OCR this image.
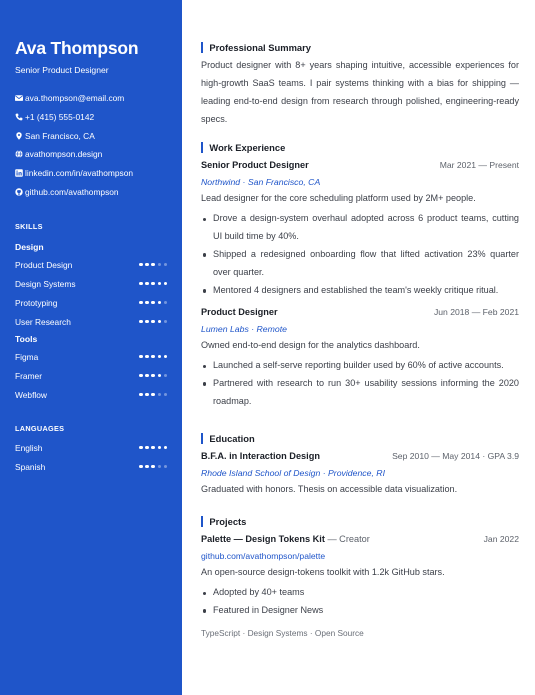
Ava Thompson
Senior Product Designer
ava.thompson@email.com
+1 (415) 555-0142
San Francisco, CA
avathompson.design
linkedin.com/in/avathompson
github.com/avathompson
SKILLS
Design
Product Design
Design Systems
Prototyping
User Research
Tools
Figma
Framer
Webflow
LANGUAGES
English
Spanish
Professional Summary
Product designer with 8+ years shaping intuitive, accessible experiences for high-growth SaaS teams. I pair systems thinking with a bias for shipping — leading end-to-end design from research through polished, engineering-ready specs.
Work Experience
Senior Product Designer	Mar 2021 — Present
Northwind · San Francisco, CA
Lead designer for the core scheduling platform used by 2M+ people.
Drove a design-system overhaul adopted across 6 product teams, cutting UI build time by 40%.
Shipped a redesigned onboarding flow that lifted activation 23% quarter over quarter.
Mentored 4 designers and established the team's weekly critique ritual.
Product Designer	Jun 2018 — Feb 2021
Lumen Labs · Remote
Owned end-to-end design for the analytics dashboard.
Launched a self-serve reporting builder used by 60% of active accounts.
Partnered with research to run 30+ usability sessions informing the 2020 roadmap.
Education
B.F.A. in Interaction Design	Sep 2010 — May 2014 · GPA 3.9
Rhode Island School of Design · Providence, RI
Graduated with honors. Thesis on accessible data visualization.
Projects
Palette — Design Tokens Kit — Creator	Jan 2022
github.com/avathompson/palette
An open-source design-tokens toolkit with 1.2k GitHub stars.
Adopted by 40+ teams
Featured in Designer News
TypeScript · Design Systems · Open Source
